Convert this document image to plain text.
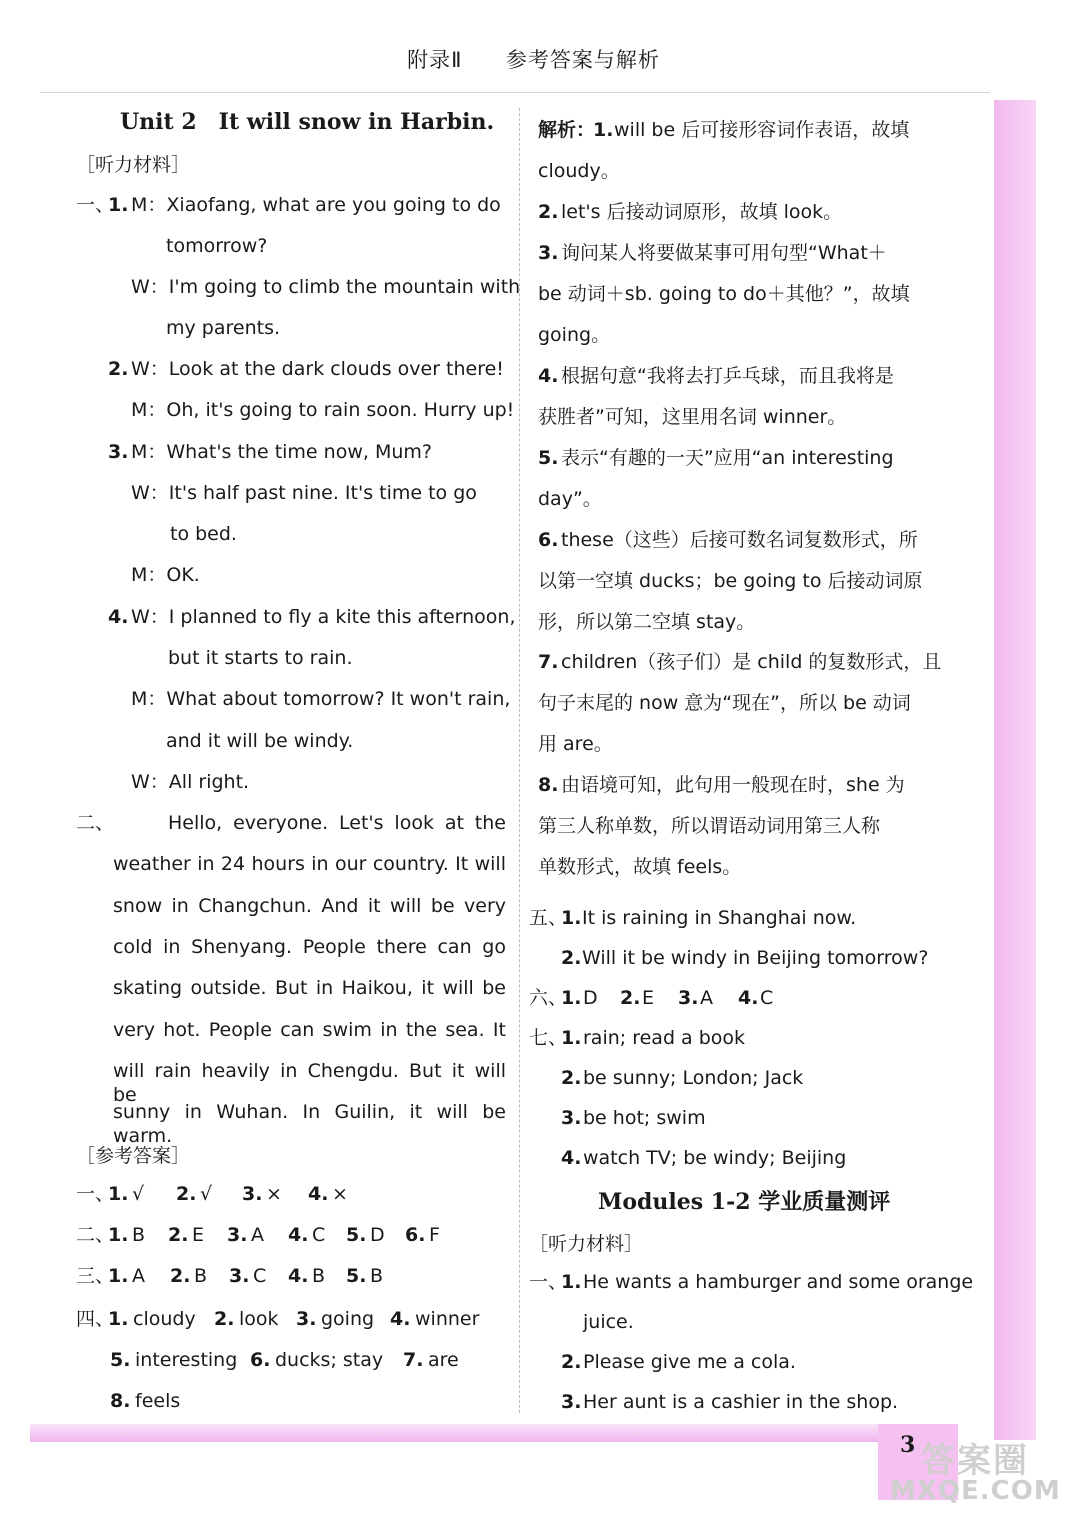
3 答案圈
MXQE.COM
附录Ⅱ 参考答案与解析
Unit 2　It will snow in Harbin.
［听力材料］
一、
1. M：Xiaofang, what are you going to do
tomorrow?
W：I'm going to climb the mountain with
my parents.
2. W：Look at the dark clouds over there!
M：Oh, it's going to rain soon. Hurry up!
3. M：What's the time now, Mum?
W：It's half past nine. It's time to go
to bed.
M：OK.
4. W：I planned to fly a kite this afternoon,
but it starts to rain.
M：What about tomorrow? It won't rain,
and it will be windy.
W：All right.
二、	Hello, everyone. Let's look at the
weather in 24 hours in our country. It will
snow in Changchun. And it will be very
cold in Shenyang. People there can go
skating outside. But in Haikou, it will be
very hot. People can swim in the sea. It
will rain heavily in Chengdu. But it will be
sunny in Wuhan. In Guilin, it will be warm.
［参考答案］
一、
1. √ 2. √ 3. × 4. ×
二、
1. B 2. E 3. A 4. C 5. D 6. F
三、
1. A 2. B 3. C 4. B 5. B
四、
1. cloudy 2. look 3. going 4. winner
5. interesting 6. ducks; stay 7. are
8. feels
解析：
1. will be 后可接形容词作表语，故填
cloudy。
2. let's 后接动词原形，故填 look。
3. 询问某人将要做某事可用句型“What＋
be 动词＋sb. going to do＋其他？”，故填
going。
4. 根据句意“我将去打乒乓球，而且我将是
获胜者”可知，这里用名词 winner。
5. 表示“有趣的一天”应用“an interesting
day”。
6. these（这些）后接可数名词复数形式，所
以第一空填 ducks；be going to 后接动词原
形，所以第二空填 stay。
7. children（孩子们）是 child 的复数形式，且
句子末尾的 now 意为“现在”，所以 be 动词
用 are。
8. 由语境可知，此句用一般现在时，she 为
第三人称单数，所以谓语动词用第三人称
单数形式，故填 feels。
五、
1. It is raining in Shanghai now.
2. Will it be windy in Beijing tomorrow?
六、
1. D 2. E 3. A 4. C
七、
1. rain; read a book
2. be sunny; London; Jack
3. be hot; swim
4. watch TV; be windy; Beijing
Modules 1-2 学业质量测评
［听力材料］
一、
1. He wants a hamburger and some orange
juice.
2. Please give me a cola.
3. Her aunt is a cashier in the shop.
